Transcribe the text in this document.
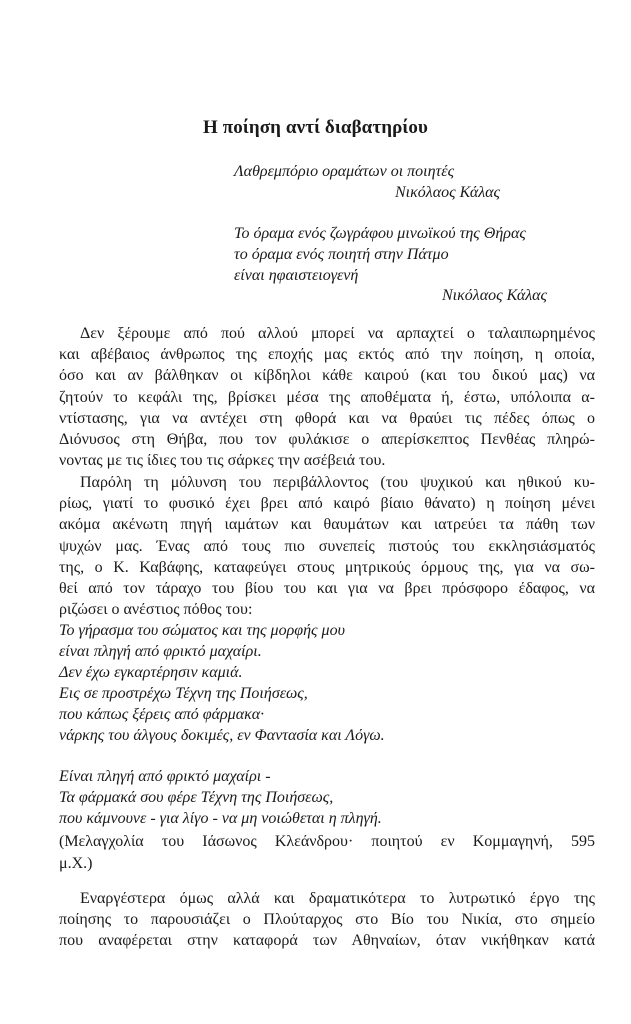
Η ποίηση αντί διαβατηρίου
Λαθρεμπόριο οραμάτων οι ποιητές
Νικόλαος Κάλας
Το όραμα ενός ζωγράφου μινωϊκού της Θήρας
το όραμα ενός ποιητή στην Πάτμο
είναι ηφαιστειογενή
Νικόλαος Κάλας
Δεν ξέρουμε από πού αλλού μπορεί να αρπαχτεί ο ταλαιπωρημένος
και αβέβαιος άνθρωπος της εποχής μας εκτός από την ποίηση, η οποία,
όσο και αν βάλθηκαν οι κίβδηλοι κάθε καιρού (και του δικού μας) να
ζητούν το κεφάλι της, βρίσκει μέσα της αποθέματα ή, έστω, υπόλοιπα α-
ντίστασης, για να αντέχει στη φθορά και να θραύει τις πέδες όπως ο
Διόνυσος στη Θήβα, που τον φυλάκισε ο απερίσκεπτος Πενθέας πληρώ-
νοντας με τις ίδιες του τις σάρκες την ασέβειά του.
Παρόλη τη μόλυνση του περιβάλλοντος (του ψυχικού και ηθικού κυ-
ρίως, γιατί το φυσικό έχει βρει από καιρό βίαιο θάνατο) η ποίηση μένει
ακόμα ακένωτη πηγή ιαμάτων και θαυμάτων και ιατρεύει τα πάθη των
ψυχών μας. Ένας από τους πιο συνεπείς πιστούς του εκκλησιάσματός
της, ο Κ. Καβάφης, καταφεύγει στους μητρικούς όρμους της, για να σω-
θεί από τον τάραχο του βίου του και για να βρει πρόσφορο έδαφος, να
ριζώσει ο ανέστιος πόθος του:
Το γήρασμα του σώματος και της μορφής μου
είναι πληγή από φρικτό μαχαίρι.
Δεν έχω εγκαρτέρησιν καμιά.
Εις σε προστρέχω Τέχνη της Ποιήσεως,
που κάπως ξέρεις από φάρμακα·
νάρκης του άλγους δοκιμές, εν Φαντασία και Λόγω.
Είναι πληγή από φρικτό μαχαίρι -
Τα φάρμακά σου φέρε Τέχνη της Ποιήσεως,
που κάμνουνε - για λίγο - να μη νοιώθεται η πληγή.
(Μελαγχολία του Ιάσωνος Κλεάνδρου· ποιητού εν Κομμαγηνή, 595
μ.Χ.)
Εναργέστερα όμως αλλά και δραματικότερα το λυτρωτικό έργο της
ποίησης το παρουσιάζει ο Πλούταρχος στο Βίο του Νικία, στο σημείο
που αναφέρεται στην καταφορά των Αθηναίων, όταν νικήθηκαν κατά
